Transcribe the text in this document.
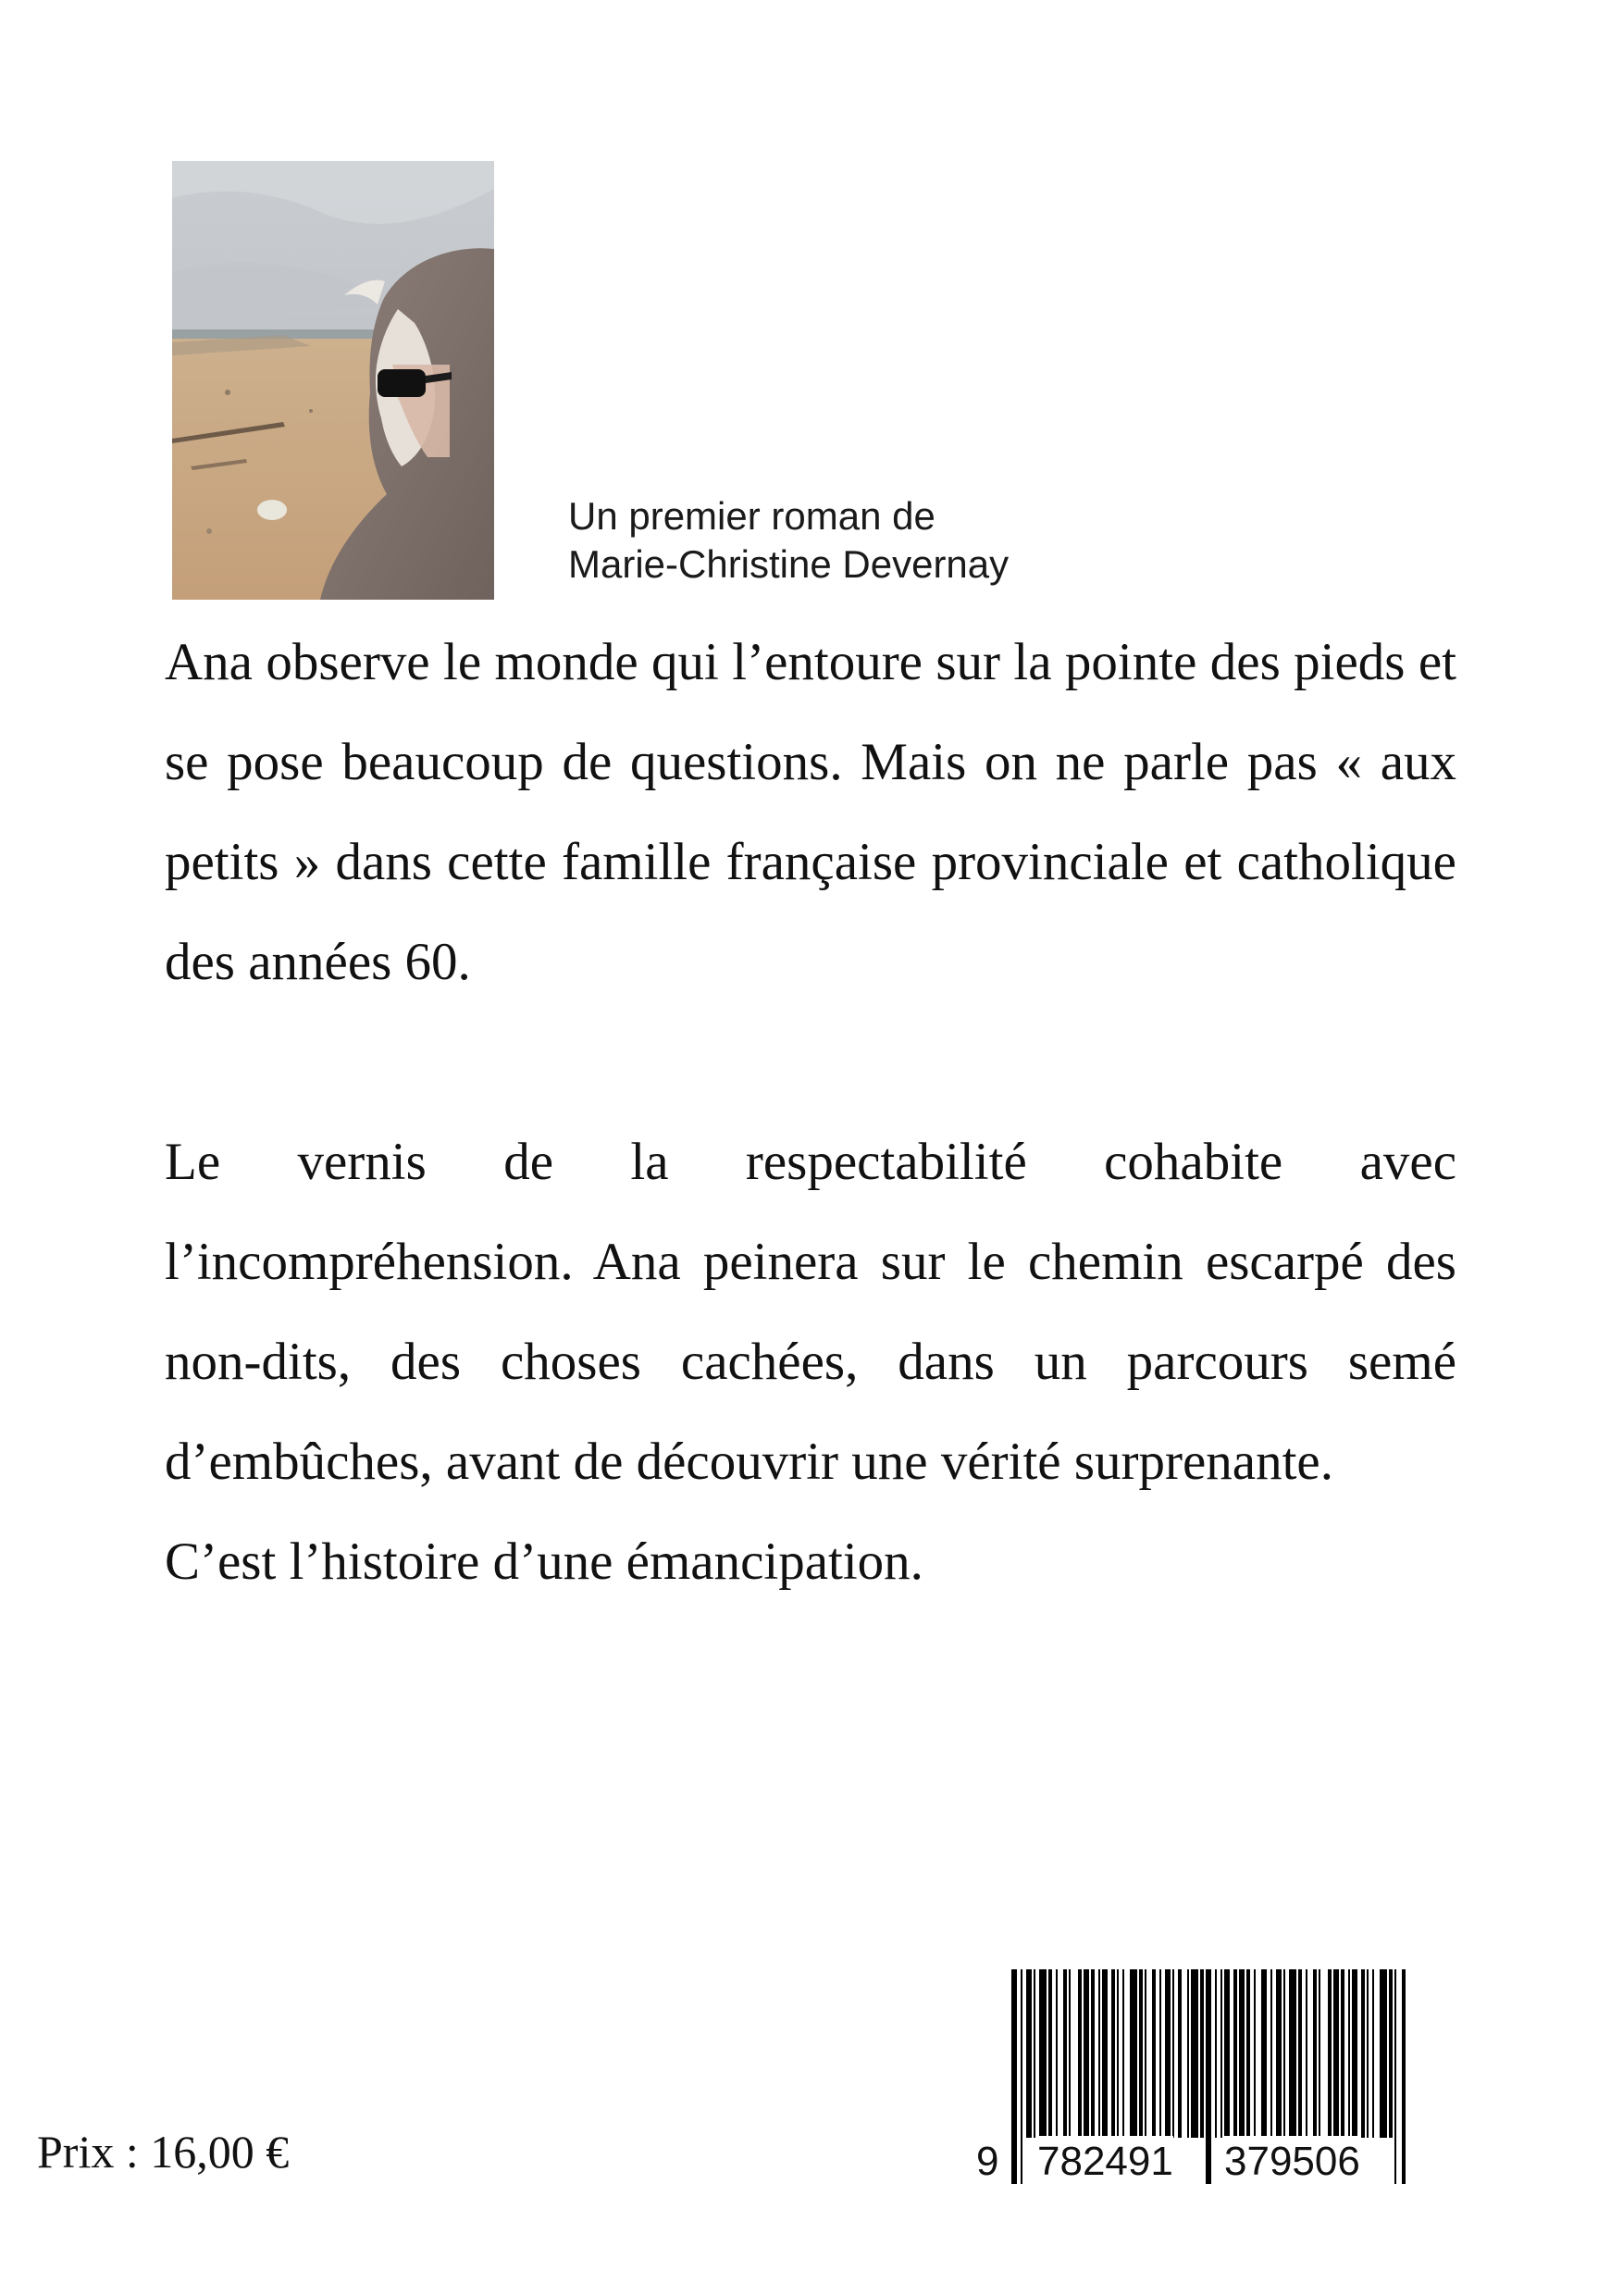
Un premier roman de
Marie-Christine Devernay

Ana observe le monde qui l’entoure sur la pointe des pieds et se pose beaucoup de questions. Mais on ne parle pas « aux petits » dans cette famille française provinciale et catholique des années 60.

Le vernis de la respectabilité cohabite avec l’incompréhension. Ana peinera sur le chemin escarpé des non-dits, des choses cachées, dans un parcours semé d’embûches, avant de découvrir une vérité surprenante.

C’est l’histoire d’une émancipation.

Prix : 16,00 €	9 782491 379506
